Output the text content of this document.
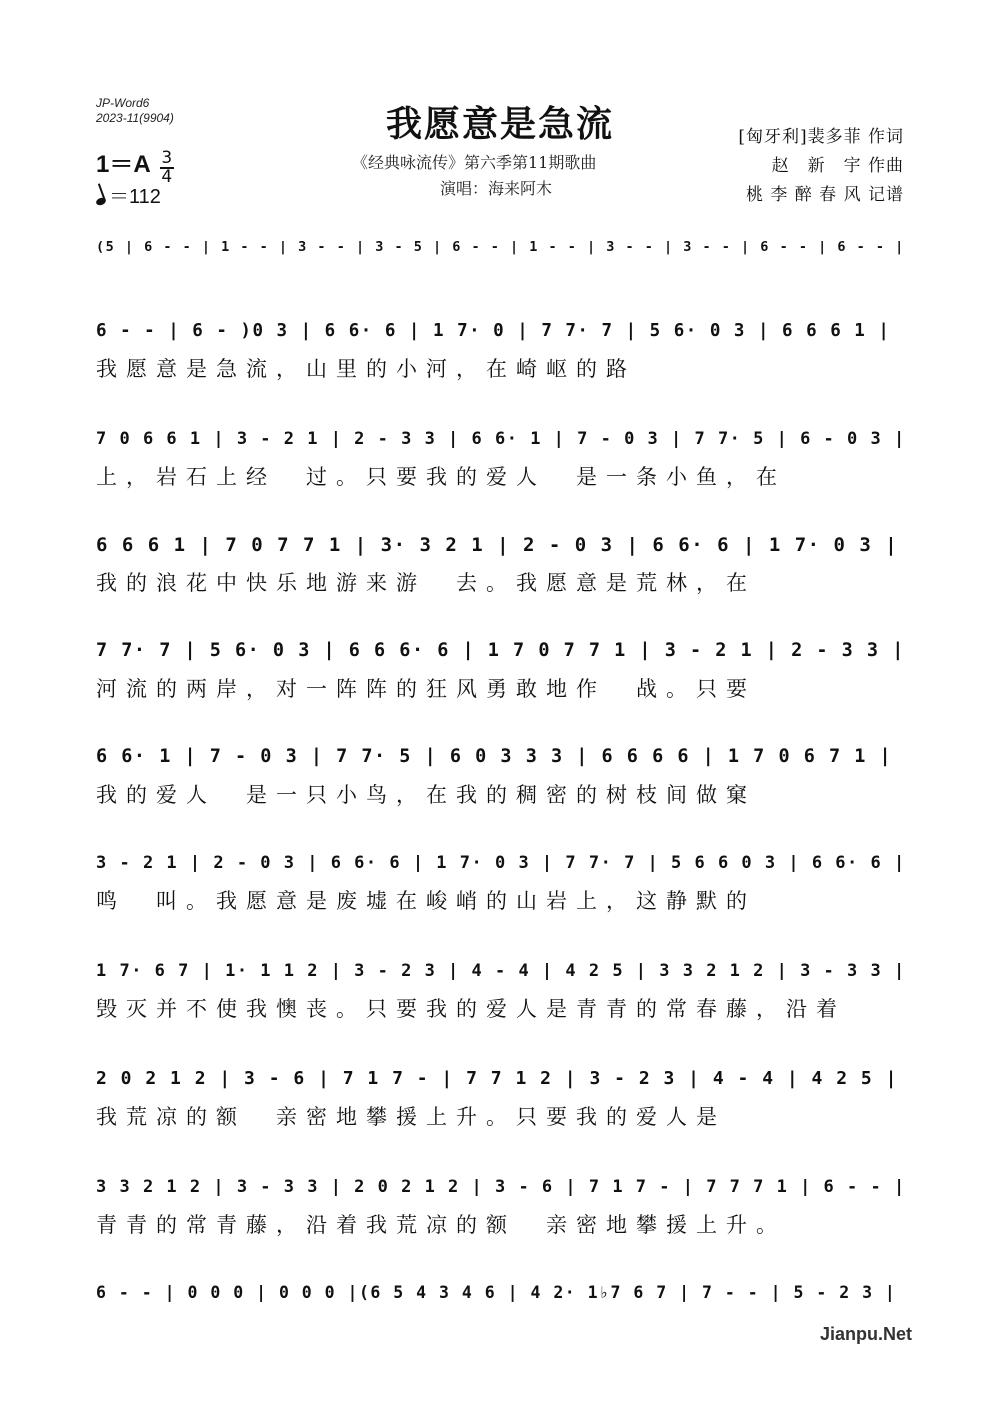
JP-Word6
2023-11(9904)	我愿意是急流
《经典咏流传》第六季第11期歌曲
演唱：海来阿木
[匈牙利]裴多菲 作词
赵　新　宇 作曲
桃 李 醉 春 风 记谱
$1=A \frac{3}{4}$
＝112
(5 | 6 - - | 1 - - | 3 - - | 3 - 5 | 6 - - | 1 - - | 3 - - | 3 - - | 6 - - | 6 - - |
6 - - | 6 - )0 3 | 6 6· 6 | 1 7· 0 | 7 7· 7 | 5 6· 0 3 | 6 6 6 1 |
我愿意是急流，山里的小河，在崎岖的路
7 0 6 6 1 | 3 - 2 1 | 2 - 3 3 | 6 6· 1 | 7 - 0 3 | 7 7· 5 | 6 - 0 3 |
上，岩石上经　过。只要我的爱人　是一条小鱼，在
6 6 6 1 | 7 0 7 7 1 | 3· 3 2 1 | 2 - 0 3 | 6 6· 6 | 1 7· 0 3 |
我的浪花中快乐地游来游　去。我愿意是荒林，在
7 7· 7 | 5 6· 0 3 | 6 6 6· 6 | 1 7 0 7 7 1 | 3 - 2 1 | 2 - 3 3 |
河流的两岸，对一阵阵的狂风勇敢地作　战。只要
6 6· 1 | 7 - 0 3 | 7 7· 5 | 6 0 3 3 3 | 6 6 6 6 | 1 7 0 6 7 1 |
我的爱人　是一只小鸟，在我的稠密的树枝间做窠
3 - 2 1 | 2 - 0 3 | 6 6· 6 | 1 7· 0 3 | 7 7· 7 | 5 6 6 0 3 | 6 6· 6 |
鸣　叫。我愿意是废墟在峻峭的山岩上，这静默的
1 7· 6 7 | 1· 1 1 2 | 3 - 2 3 | 4 - 4 | 4 2 5 | 3 3 2 1 2 | 3 - 3 3 |
毁灭并不使我懊丧。只要我的爱人是青青的常春藤，沿着
2 0 2 1 2 | 3 - 6 | 7 1 7 - | 7 7 1 2 | 3 - 2 3 | 4 - 4 | 4 2 5 |
我荒凉的额　亲密地攀援上升。只要我的爱人是
3 3 2 1 2 | 3 - 3 3 | 2 0 2 1 2 | 3 - 6 | 7 1 7 - | 7 7 7 1 | 6 - - |
青青的常青藤，沿着我荒凉的额　亲密地攀援上升。
6 - - | 0 0 0 | 0 0 0 |(6 5 4 3 4 6 | 4 2· 1♭7 6 7 | 7 - - | 5 - 2 3 |
Jianpu.Net
